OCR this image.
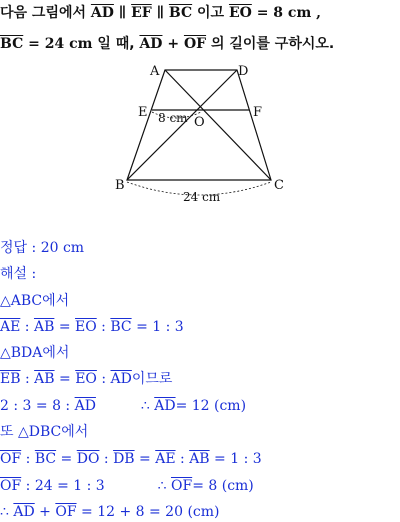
다음 그림에서 $\overline{AD}$ ∥ $\overline{EF}$ ∥ $\overline{BC}$ 이고 $\overline{EO} = 8$ cm ,
$\overline{BC} = 24$ cm 일 때, $\overline{AD} + \overline{OF}$ 의 길이를 구하시오.
A	D
E	F
O
B	C
8 cm
24 cm
정답 : 20 cm
해설 :
△ABC에서
$\overline{AE}$ : $\overline{AB} = \overline{EO}$ : $\overline{BC} = 1$ : 3
△BDA에서
$\overline{EB}$ : $\overline{AB} = \overline{EO}$ : $\overline{AD}$이므로
2 : 3 = 8 : $\overline{AD}$	∴ $\overline{AD}= 12$ (cm)
또 △DBC에서
$\overline{OF}$ : $\overline{BC} = \overline{DO}$ : $\overline{DB} = \overline{AE}$ : $\overline{AB} = 1$ : 3
$\overline{OF}$ : 24 = 1 : 3	∴ $\overline{OF}= 8$ (cm)
∴ $\overline{AD} + \overline{OF} = 12 + 8 = 20$ (cm)
